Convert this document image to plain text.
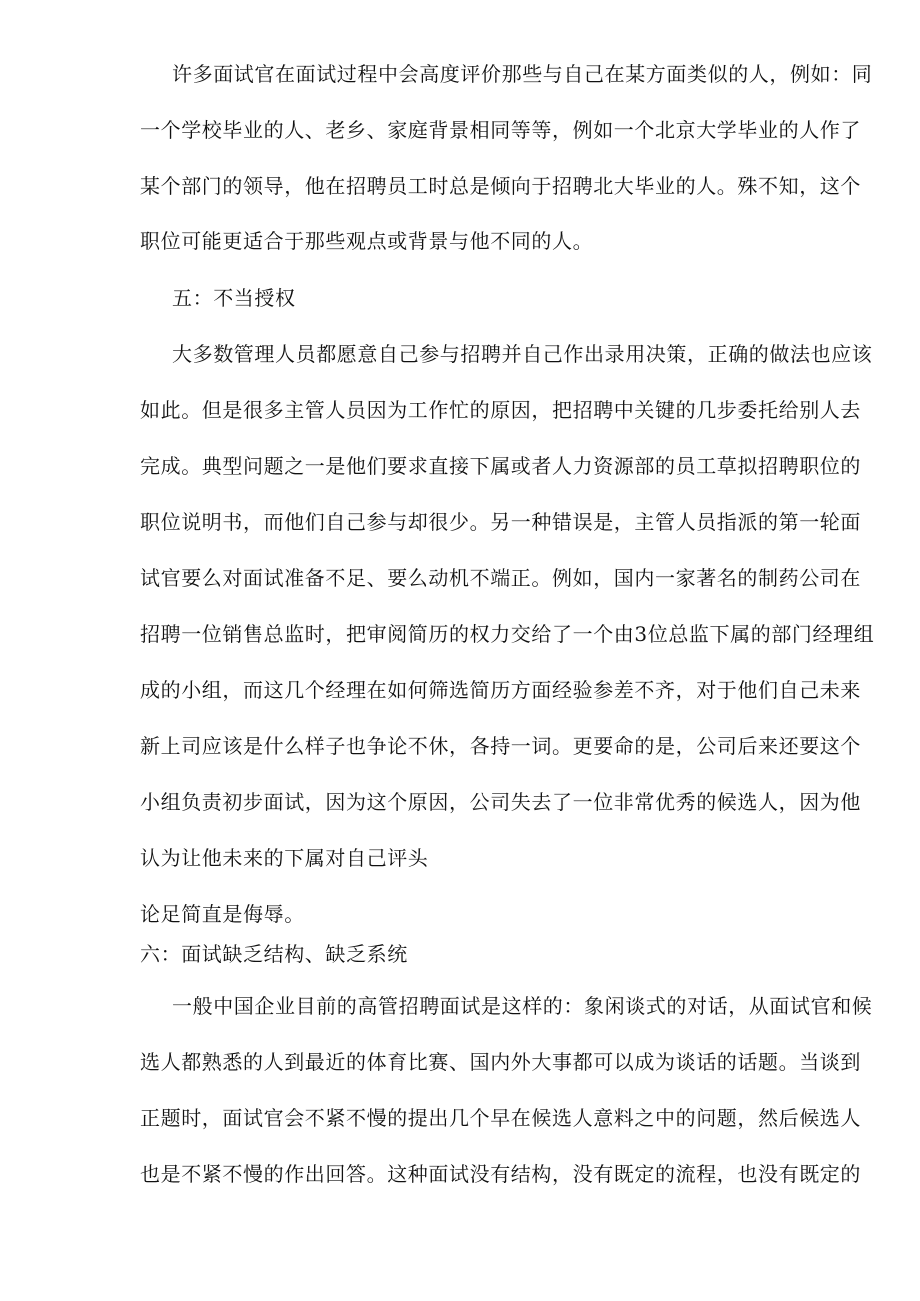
许多面试官在面试过程中会高度评价那些与自己在某方面类似的人，例如：同
一个学校毕业的人、老乡、家庭背景相同等等，例如一个北京大学毕业的人作了
某个部门的领导，他在招聘员工时总是倾向于招聘北大毕业的人。殊不知，这个
职位可能更适合于那些观点或背景与他不同的人。
五：不当授权
大多数管理人员都愿意自己参与招聘并自己作出录用决策，正确的做法也应该
如此。但是很多主管人员因为工作忙的原因，把招聘中关键的几步委托给别人去
完成。典型问题之一是他们要求直接下属或者人力资源部的员工草拟招聘职位的
职位说明书，而他们自己参与却很少。另一种错误是，主管人员指派的第一轮面
试官要么对面试准备不足、要么动机不端正。例如，国内一家著名的制药公司在
招聘一位销售总监时，把审阅简历的权力交给了一个由3位总监下属的部门经理组
成的小组，而这几个经理在如何筛选简历方面经验参差不齐，对于他们自己未来
新上司应该是什么样子也争论不休，各持一词。更要命的是，公司后来还要这个
小组负责初步面试，因为这个原因，公司失去了一位非常优秀的候选人，因为他
认为让他未来的下属对自己评头
论足简直是侮辱。
六：面试缺乏结构、缺乏系统
一般中国企业目前的高管招聘面试是这样的：象闲谈式的对话，从面试官和候
选人都熟悉的人到最近的体育比赛、国内外大事都可以成为谈话的话题。当谈到
正题时，面试官会不紧不慢的提出几个早在候选人意料之中的问题，然后候选人
也是不紧不慢的作出回答。这种面试没有结构，没有既定的流程，也没有既定的
